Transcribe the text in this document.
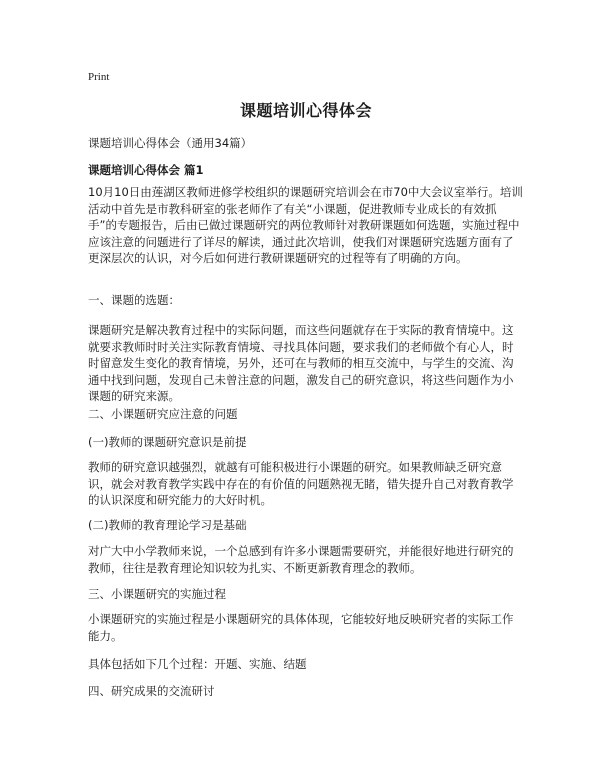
Print
课题培训心得体会
课题培训心得体会（通用34篇）
课题培训心得体会 篇1

10月10日由莲湖区教师进修学校组织的课题研究培训会在市70中大会议室举行。培训活动中首先是市教科研室的张老师作了有关“小课题，促进教师专业成长的有效抓手”的专题报告，后由已做过课题研究的两位教师针对教研课题如何选题，实施过程中应该注意的问题进行了详尽的解读，通过此次培训，使我们对课题研究选题方面有了更深层次的认识，对今后如何进行教研课题研究的过程等有了明确的方向。

一、课题的选题：

课题研究是解决教育过程中的实际问题，而这些问题就存在于实际的教育情境中。这就要求教师时时关注实际教育情境、寻找具体问题，要求我们的老师做个有心人，时时留意发生变化的教育情境，另外，还可在与教师的相互交流中，与学生的交流、沟通中找到问题，发现自己未曾注意的问题，激发自己的研究意识，将这些问题作为小课题的研究来源。

二、小课题研究应注意的问题

(一)教师的课题研究意识是前提

教师的研究意识越强烈，就越有可能积极进行小课题的研究。如果教师缺乏研究意识，就会对教育教学实践中存在的有价值的问题熟视无睹，错失提升自己对教育教学的认识深度和研究能力的大好时机。

(二)教师的教育理论学习是基础

对广大中小学教师来说，一个总感到有许多小课题需要研究，并能很好地进行研究的教师，往往是教育理论知识较为扎实、不断更新教育理念的教师。

三、小课题研究的实施过程

小课题研究的实施过程是小课题研究的具体体现，它能较好地反映研究者的实际工作能力。

具体包括如下几个过程：开题、实施、结题

四、研究成果的交流研讨
